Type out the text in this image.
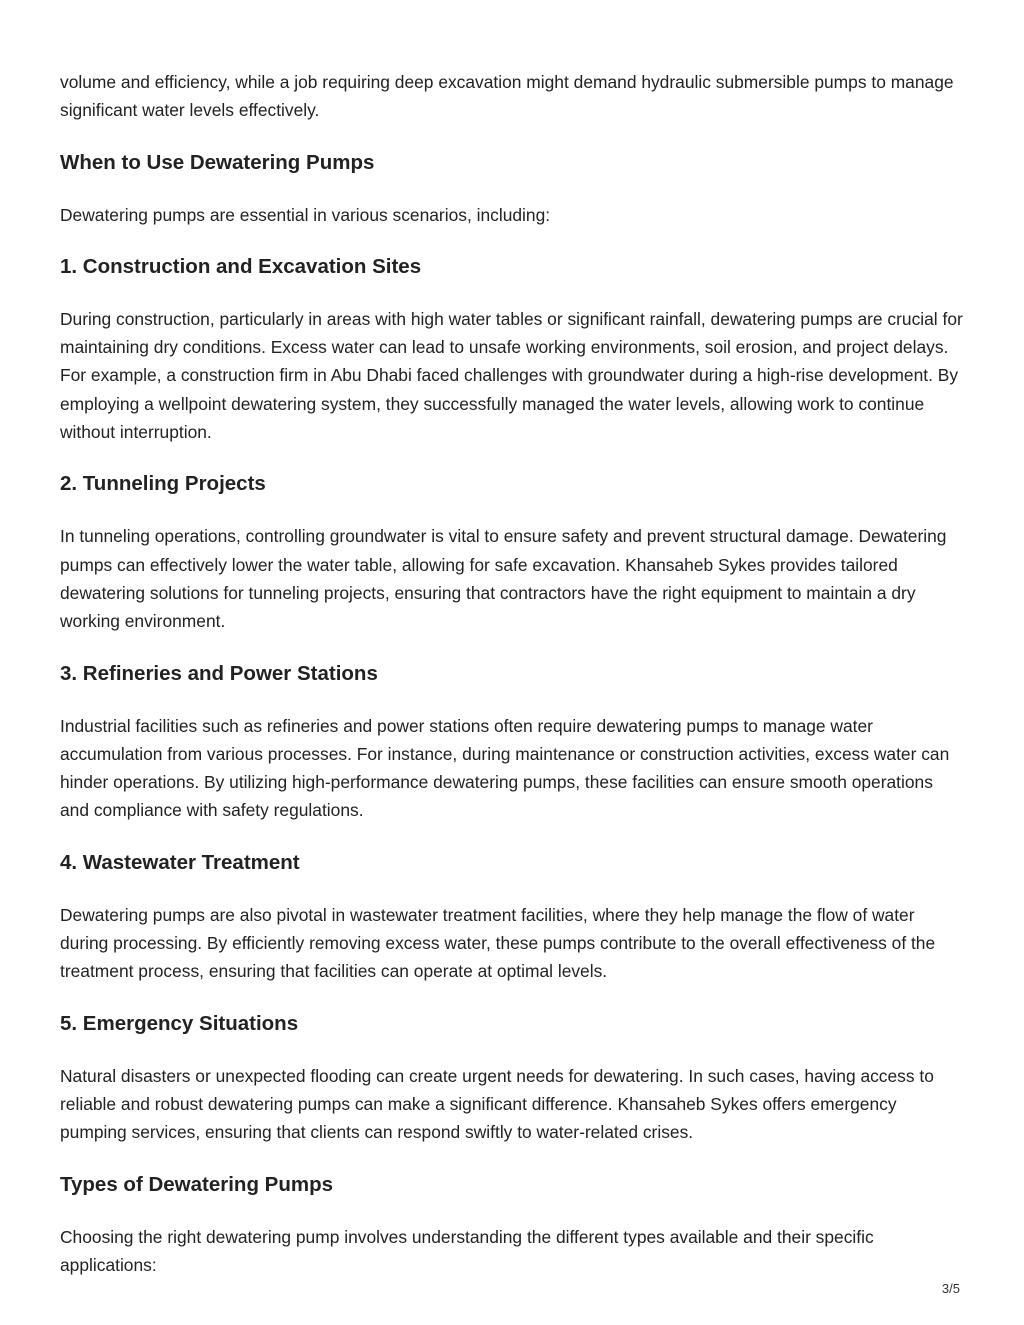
volume and efficiency, while a job requiring deep excavation might demand hydraulic submersible pumps to manage significant water levels effectively.

When to Use Dewatering Pumps

Dewatering pumps are essential in various scenarios, including:

1. Construction and Excavation Sites

During construction, particularly in areas with high water tables or significant rainfall, dewatering pumps are crucial for maintaining dry conditions. Excess water can lead to unsafe working environments, soil erosion, and project delays. For example, a construction firm in Abu Dhabi faced challenges with groundwater during a high-rise development. By employing a wellpoint dewatering system, they successfully managed the water levels, allowing work to continue without interruption.

2. Tunneling Projects

In tunneling operations, controlling groundwater is vital to ensure safety and prevent structural damage. Dewatering pumps can effectively lower the water table, allowing for safe excavation. Khansaheb Sykes provides tailored dewatering solutions for tunneling projects, ensuring that contractors have the right equipment to maintain a dry working environment.

3. Refineries and Power Stations

Industrial facilities such as refineries and power stations often require dewatering pumps to manage water accumulation from various processes. For instance, during maintenance or construction activities, excess water can hinder operations. By utilizing high-performance dewatering pumps, these facilities can ensure smooth operations and compliance with safety regulations.

4. Wastewater Treatment

Dewatering pumps are also pivotal in wastewater treatment facilities, where they help manage the flow of water during processing. By efficiently removing excess water, these pumps contribute to the overall effectiveness of the treatment process, ensuring that facilities can operate at optimal levels.

5. Emergency Situations

Natural disasters or unexpected flooding can create urgent needs for dewatering. In such cases, having access to reliable and robust dewatering pumps can make a significant difference. Khansaheb Sykes offers emergency pumping services, ensuring that clients can respond swiftly to water-related crises.

Types of Dewatering Pumps

Choosing the right dewatering pump involves understanding the different types available and their specific applications:

3/5
